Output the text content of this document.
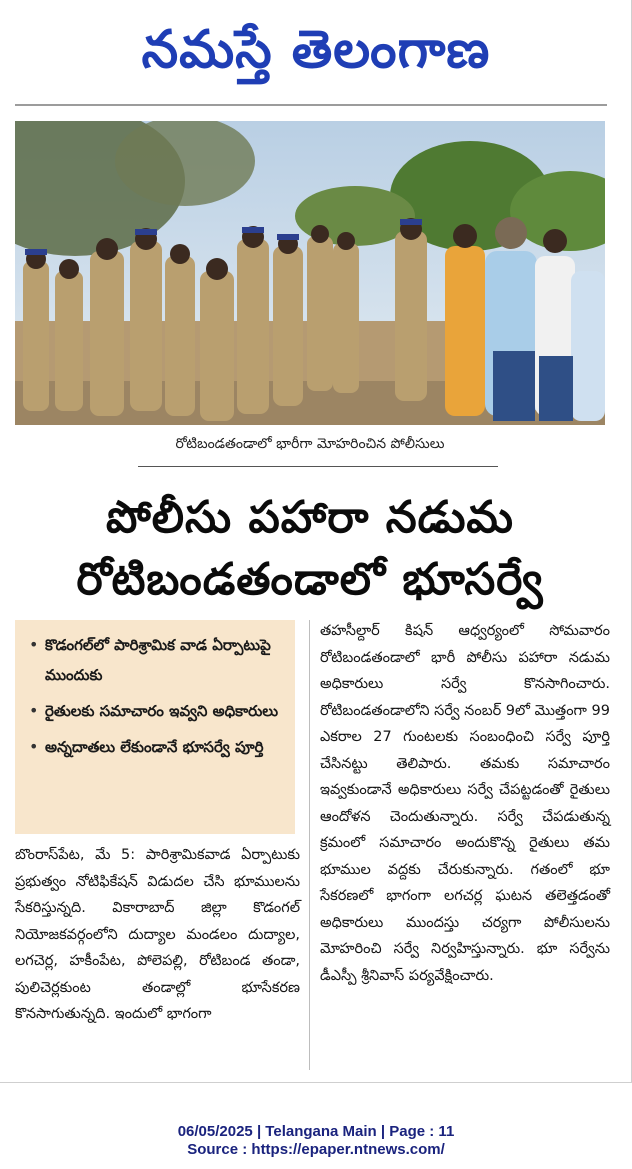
నమస్తే తెలంగాణ
రోటిబండతండాలో భారీగా మోహరించిన పోలీసులు
పోలీసు పహారా నడుమ
రోటిబండతండాలో భూసర్వే
• కొడంగల్‌లో పారిశ్రామిక వాడ ఏర్పాటుపై ముందుకు
• రైతులకు సమాచారం ఇవ్వని అధికారులు
• అన్నదాతలు లేకుండానే భూసర్వే పూర్తి
బొంరాస్‌పేట, మే 5: పారిశ్రామికవాడ ఏర్పాటుకు ప్రభుత్వం నోటిఫికేషన్ విడుదల చేసి భూములను సేకరిస్తున్నది. వికారాబాద్ జిల్లా కొడంగల్ నియోజకవర్గంలోని దుద్యాల మండలం దుద్యాల, లగచెర్ల, హకీంపేట, పోలెపల్లి, రోటిబండ తండా, పులిచెర్లకుంట తండాల్లో భూసేకరణ కొనసాగుతున్నది. ఇందులో భాగంగా
తహసీల్దార్ కిషన్ ఆధ్వర్యంలో సోమవారం రోటిబండతండాలో భారీ పోలీసు పహారా నడుమ అధికారులు సర్వే కొనసాగించారు. రోటిబండతండాలోని సర్వే నంబర్ 9లో మొత్తంగా 99 ఎకరాల 27 గుంటలకు సంబంధించి సర్వే పూర్తి చేసినట్టు తెలిపారు. తమకు సమాచారం ఇవ్వకుండానే అధికారులు సర్వే చేపట్టడంతో రైతులు ఆందోళన చెందుతున్నారు. సర్వే చేపడుతున్న క్రమంలో సమాచారం అందుకొన్న రైతులు తమ భూముల వద్దకు చేరుకున్నారు. గతంలో భూ సేకరణలో భాగంగా లగచర్ల ఘటన తలెత్తడంతో అధికారులు ముందస్తు చర్యగా పోలీసులను మోహరించి సర్వే నిర్వహిస్తున్నారు. భూ సర్వేను డీఎస్పీ శ్రీనివాస్ పర్యవేక్షించారు.
06/05/2025 | Telangana Main | Page : 11
Source : https://epaper.ntnews.com/
